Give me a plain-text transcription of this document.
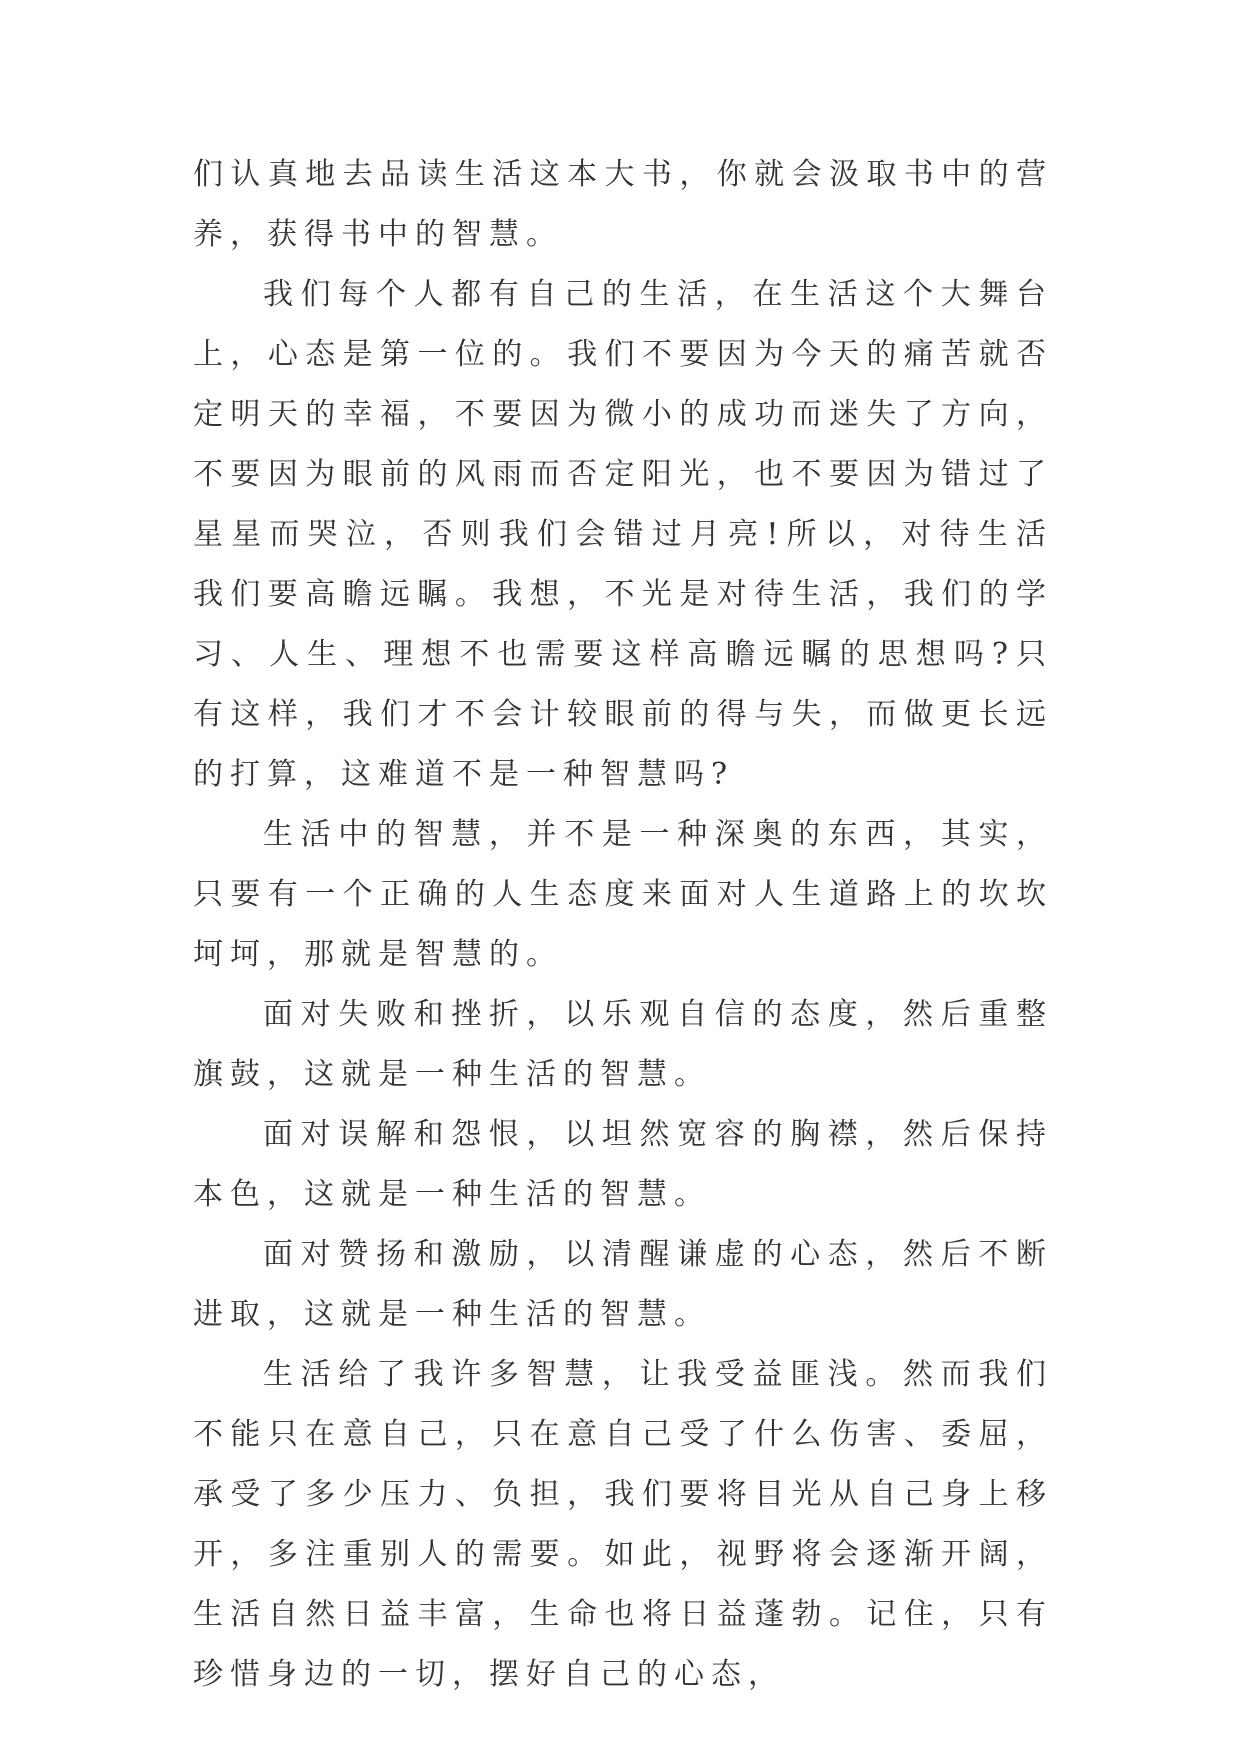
们认真地去品读生活这本大书，你就会汲取书中的营养，获得书中的智慧。

我们每个人都有自己的生活，在生活这个大舞台上，心态是第一位的。我们不要因为今天的痛苦就否定明天的幸福，不要因为微小的成功而迷失了方向，不要因为眼前的风雨而否定阳光，也不要因为错过了星星而哭泣，否则我们会错过月亮!所以，对待生活我们要高瞻远瞩。我想，不光是对待生活，我们的学习、人生、理想不也需要这样高瞻远瞩的思想吗?只有这样，我们才不会计较眼前的得与失，而做更长远的打算，这难道不是一种智慧吗?

生活中的智慧，并不是一种深奥的东西，其实，只要有一个正确的人生态度来面对人生道路上的坎坎坷坷，那就是智慧的。

面对失败和挫折，以乐观自信的态度，然后重整旗鼓，这就是一种生活的智慧。

面对误解和怨恨，以坦然宽容的胸襟，然后保持本色，这就是一种生活的智慧。

面对赞扬和激励，以清醒谦虚的心态，然后不断进取，这就是一种生活的智慧。

生活给了我许多智慧，让我受益匪浅。然而我们不能只在意自己，只在意自己受了什么伤害、委屈，承受了多少压力、负担，我们要将目光从自己身上移开，多注重别人的需要。如此，视野将会逐渐开阔，生活自然日益丰富，生命也将日益蓬勃。记住，只有珍惜身边的一切，摆好自己的心态，
